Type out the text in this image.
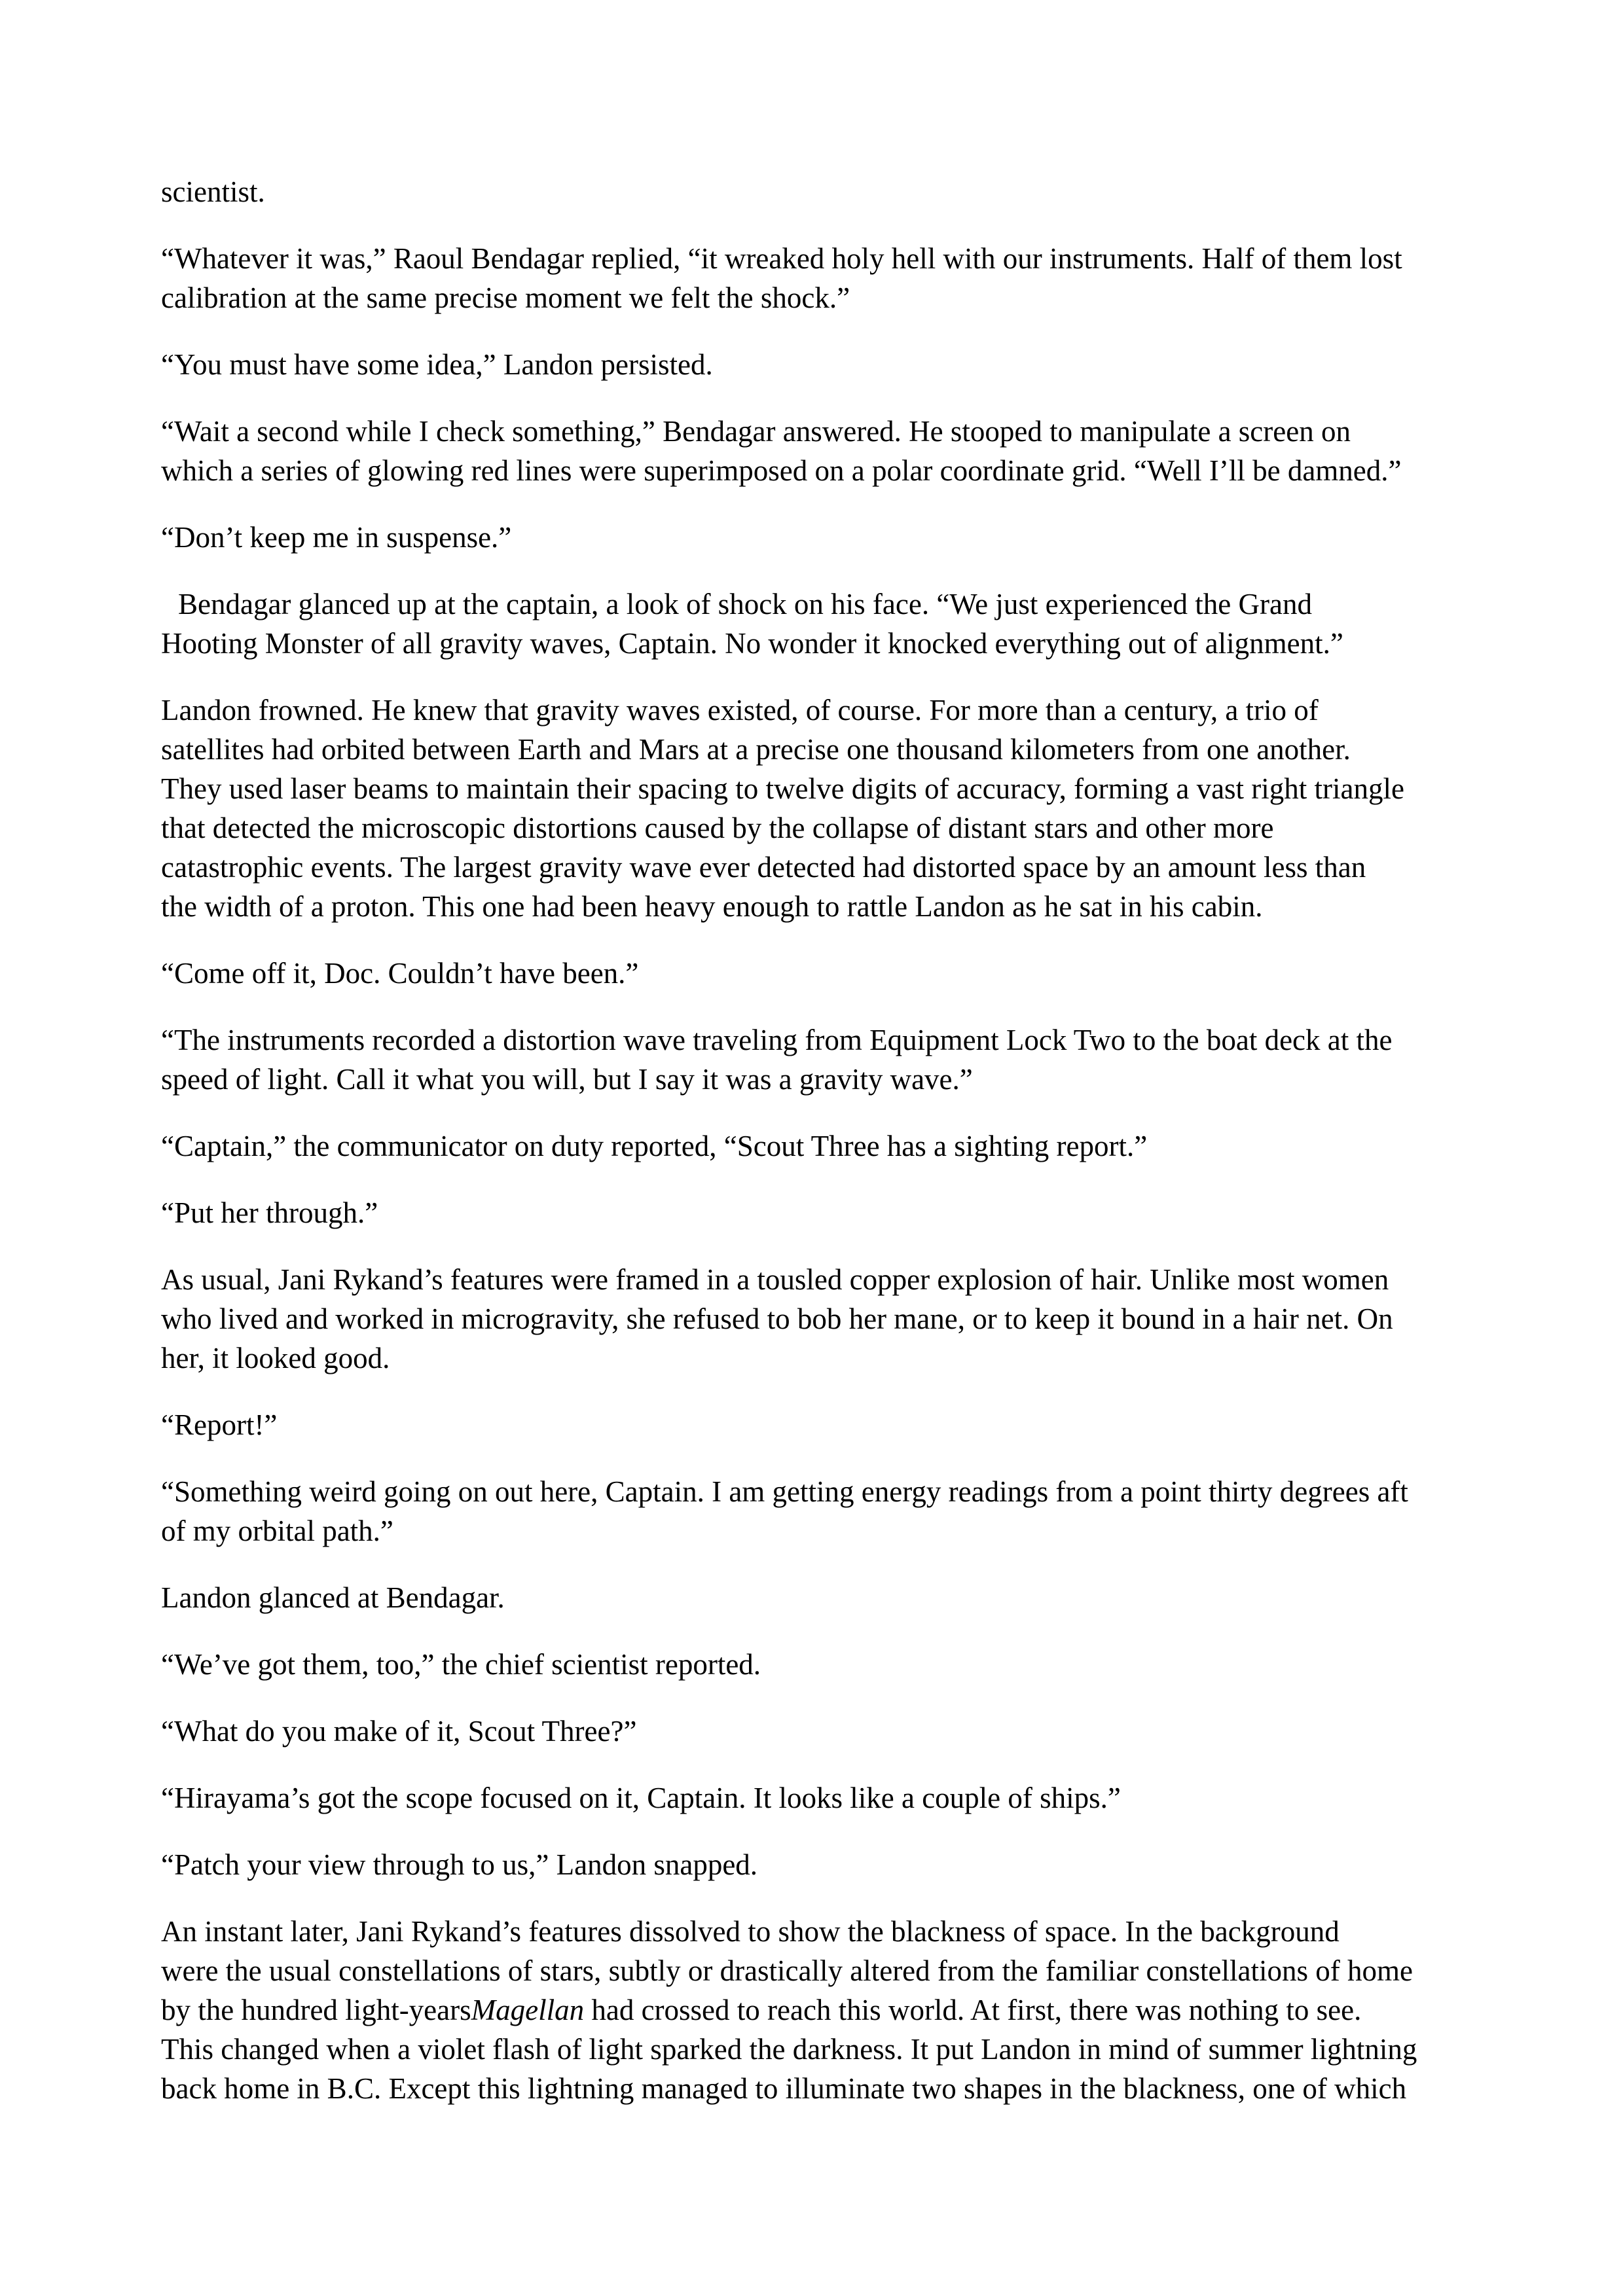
scientist.

“Whatever it was,” Raoul Bendagar replied, “it wreaked holy hell with our instruments. Half of them lost
calibration at the same precise moment we felt the shock.”

“You must have some idea,” Landon persisted.

“Wait a second while I check something,” Bendagar answered. He stooped to manipulate a screen on
which a series of glowing red lines were superimposed on a polar coordinate grid. “Well I’ll be damned.”

“Don’t keep me in suspense.”

Bendagar glanced up at the captain, a look of shock on his face. “We just experienced the Grand
Hooting Monster of all gravity waves, Captain. No wonder it knocked everything out of alignment.”

Landon frowned. He knew that gravity waves existed, of course. For more than a century, a trio of
satellites had orbited between Earth and Mars at a precise one thousand kilometers from one another.
They used laser beams to maintain their spacing to twelve digits of accuracy, forming a vast right triangle
that detected the microscopic distortions caused by the collapse of distant stars and other more
catastrophic events. The largest gravity wave ever detected had distorted space by an amount less than
the width of a proton. This one had been heavy enough to rattle Landon as he sat in his cabin.

“Come off it, Doc. Couldn’t have been.”

“The instruments recorded a distortion wave traveling from Equipment Lock Two to the boat deck at the
speed of light. Call it what you will, but I say it was a gravity wave.”

“Captain,” the communicator on duty reported, “Scout Three has a sighting report.”

“Put her through.”

As usual, Jani Rykand’s features were framed in a tousled copper explosion of hair. Unlike most women
who lived and worked in microgravity, she refused to bob her mane, or to keep it bound in a hair net. On
her, it looked good.

“Report!”

“Something weird going on out here, Captain. I am getting energy readings from a point thirty degrees aft
of my orbital path.”

Landon glanced at Bendagar.

“We’ve got them, too,” the chief scientist reported.

“What do you make of it, Scout Three?”

“Hirayama’s got the scope focused on it, Captain. It looks like a couple of ships.”

“Patch your view through to us,” Landon snapped.

An instant later, Jani Rykand’s features dissolved to show the blackness of space. In the background
were the usual constellations of stars, subtly or drastically altered from the familiar constellations of home
by the hundred light-yearsMagellan had crossed to reach this world. At first, there was nothing to see.
This changed when a violet flash of light sparked the darkness. It put Landon in mind of summer lightning
back home in B.C. Except this lightning managed to illuminate two shapes in the blackness, one of which
